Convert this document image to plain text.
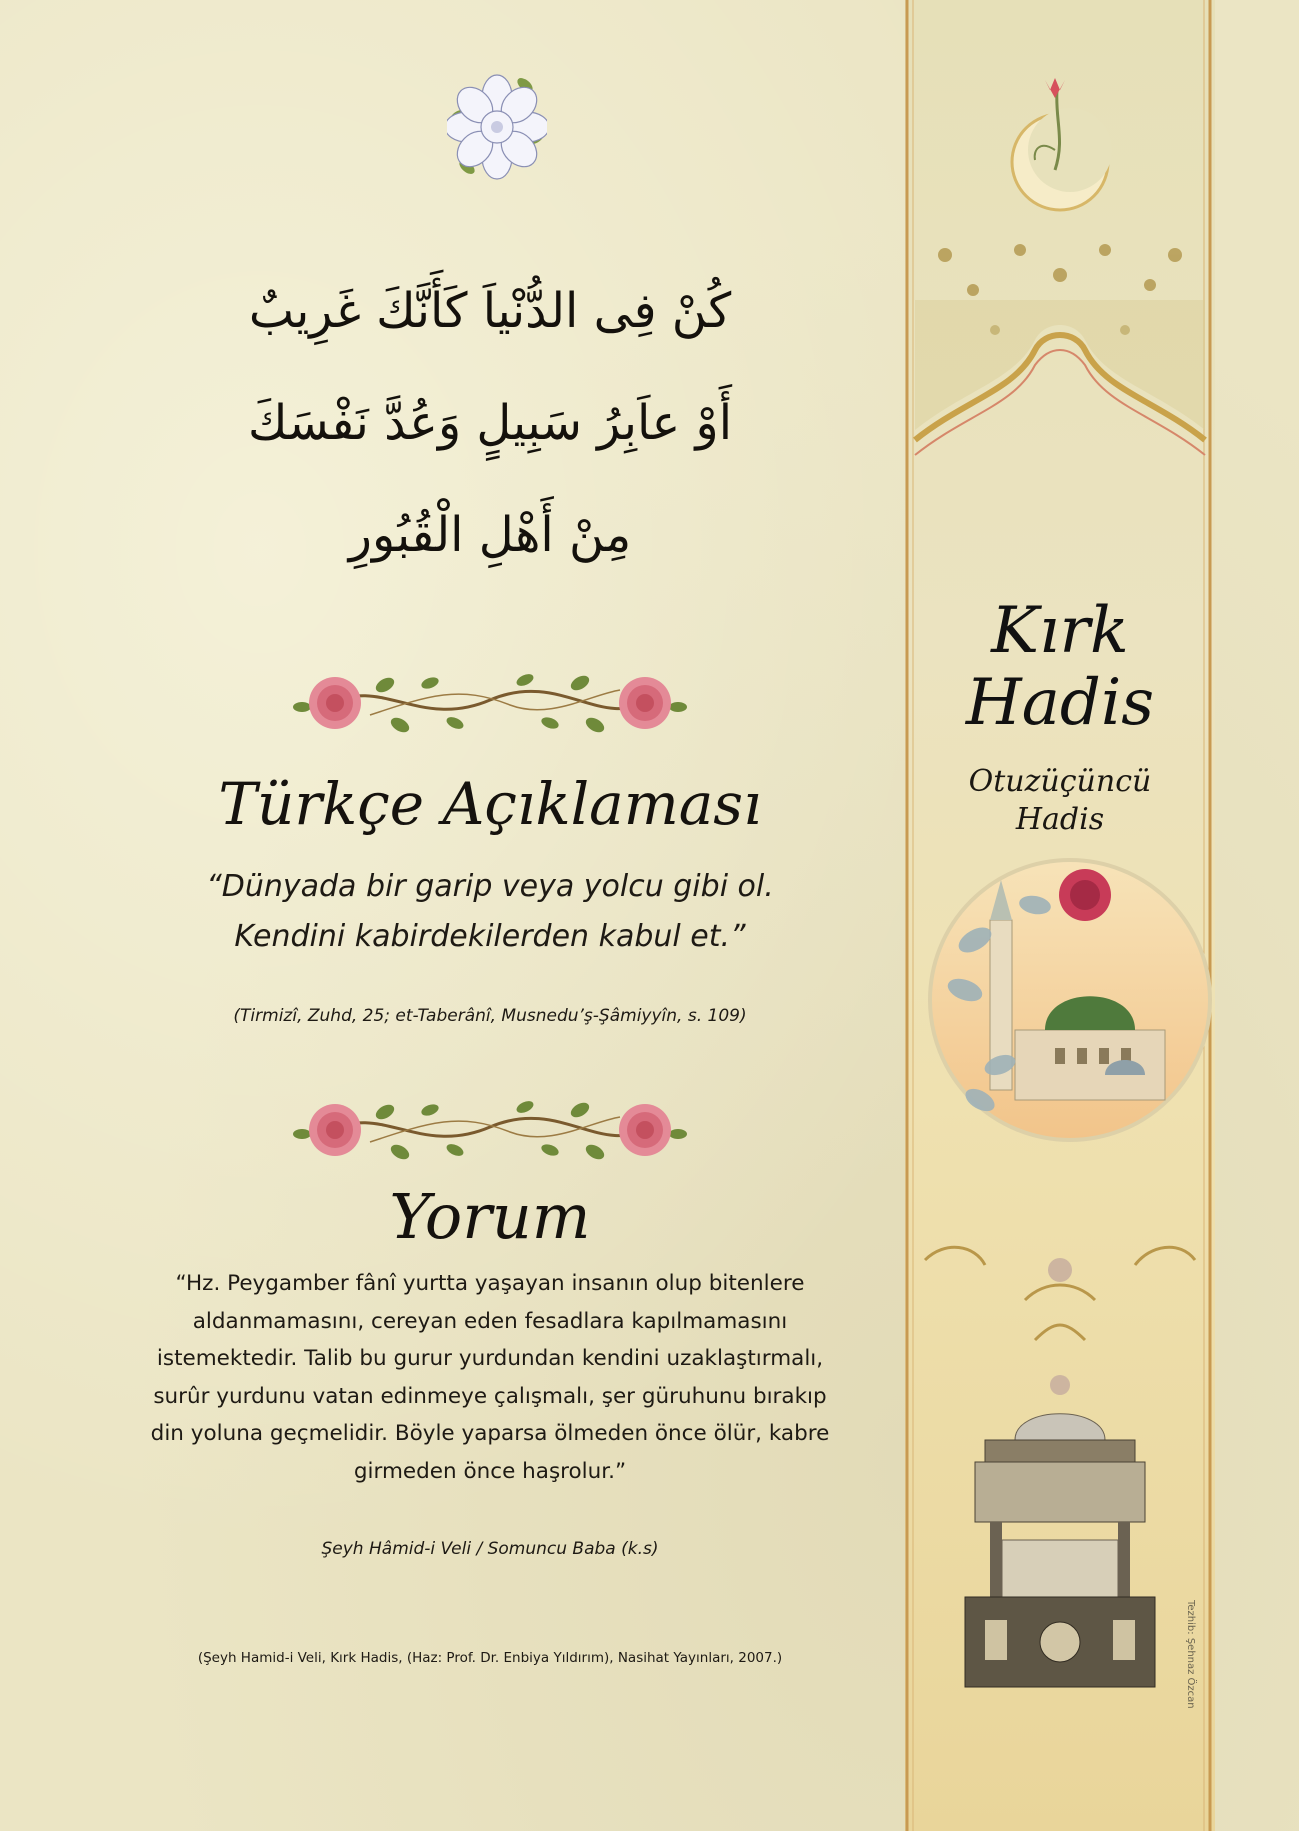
كُنْ فِى الدُّنْياَ كَأَنَّكَ غَرِيبٌ
أَوْ عاَبِرُ سَبِيلٍ وَعُدَّ نَفْسَكَ
مِنْ أَهْلِ الْقُبُورِ
Türkçe Açıklaması
“Dünyada bir garip veya yolcu gibi ol.
Kendini kabirdekilerden kabul et.”
(Tirmizî, Zuhd, 25; et-Taberânî, Musnedu’ş-Şâmiyyîn, s. 109)
Yorum
“Hz. Peygamber fânî yurtta yaşayan insanın olup bitenlere
aldanmamasını, cereyan eden fesadlara kapılmamasını
istemektedir. Talib bu gurur yurdundan kendini uzaklaştırmalı,
surûr yurdunu vatan edinmeye çalışmalı, şer güruhunu bırakıp
din yoluna geçmelidir. Böyle yaparsa ölmeden önce ölür, kabre
girmeden önce haşrolur.”
Şeyh Hâmid-i Veli / Somuncu Baba (k.s)
(Şeyh Hamid-i Veli, Kırk Hadis, (Haz: Prof. Dr. Enbiya Yıldırım), Nasihat Yayınları, 2007.)
Kırk
Hadis
Otuzüçüncü
Hadis
Tezhib: Şehnaz Özcan
